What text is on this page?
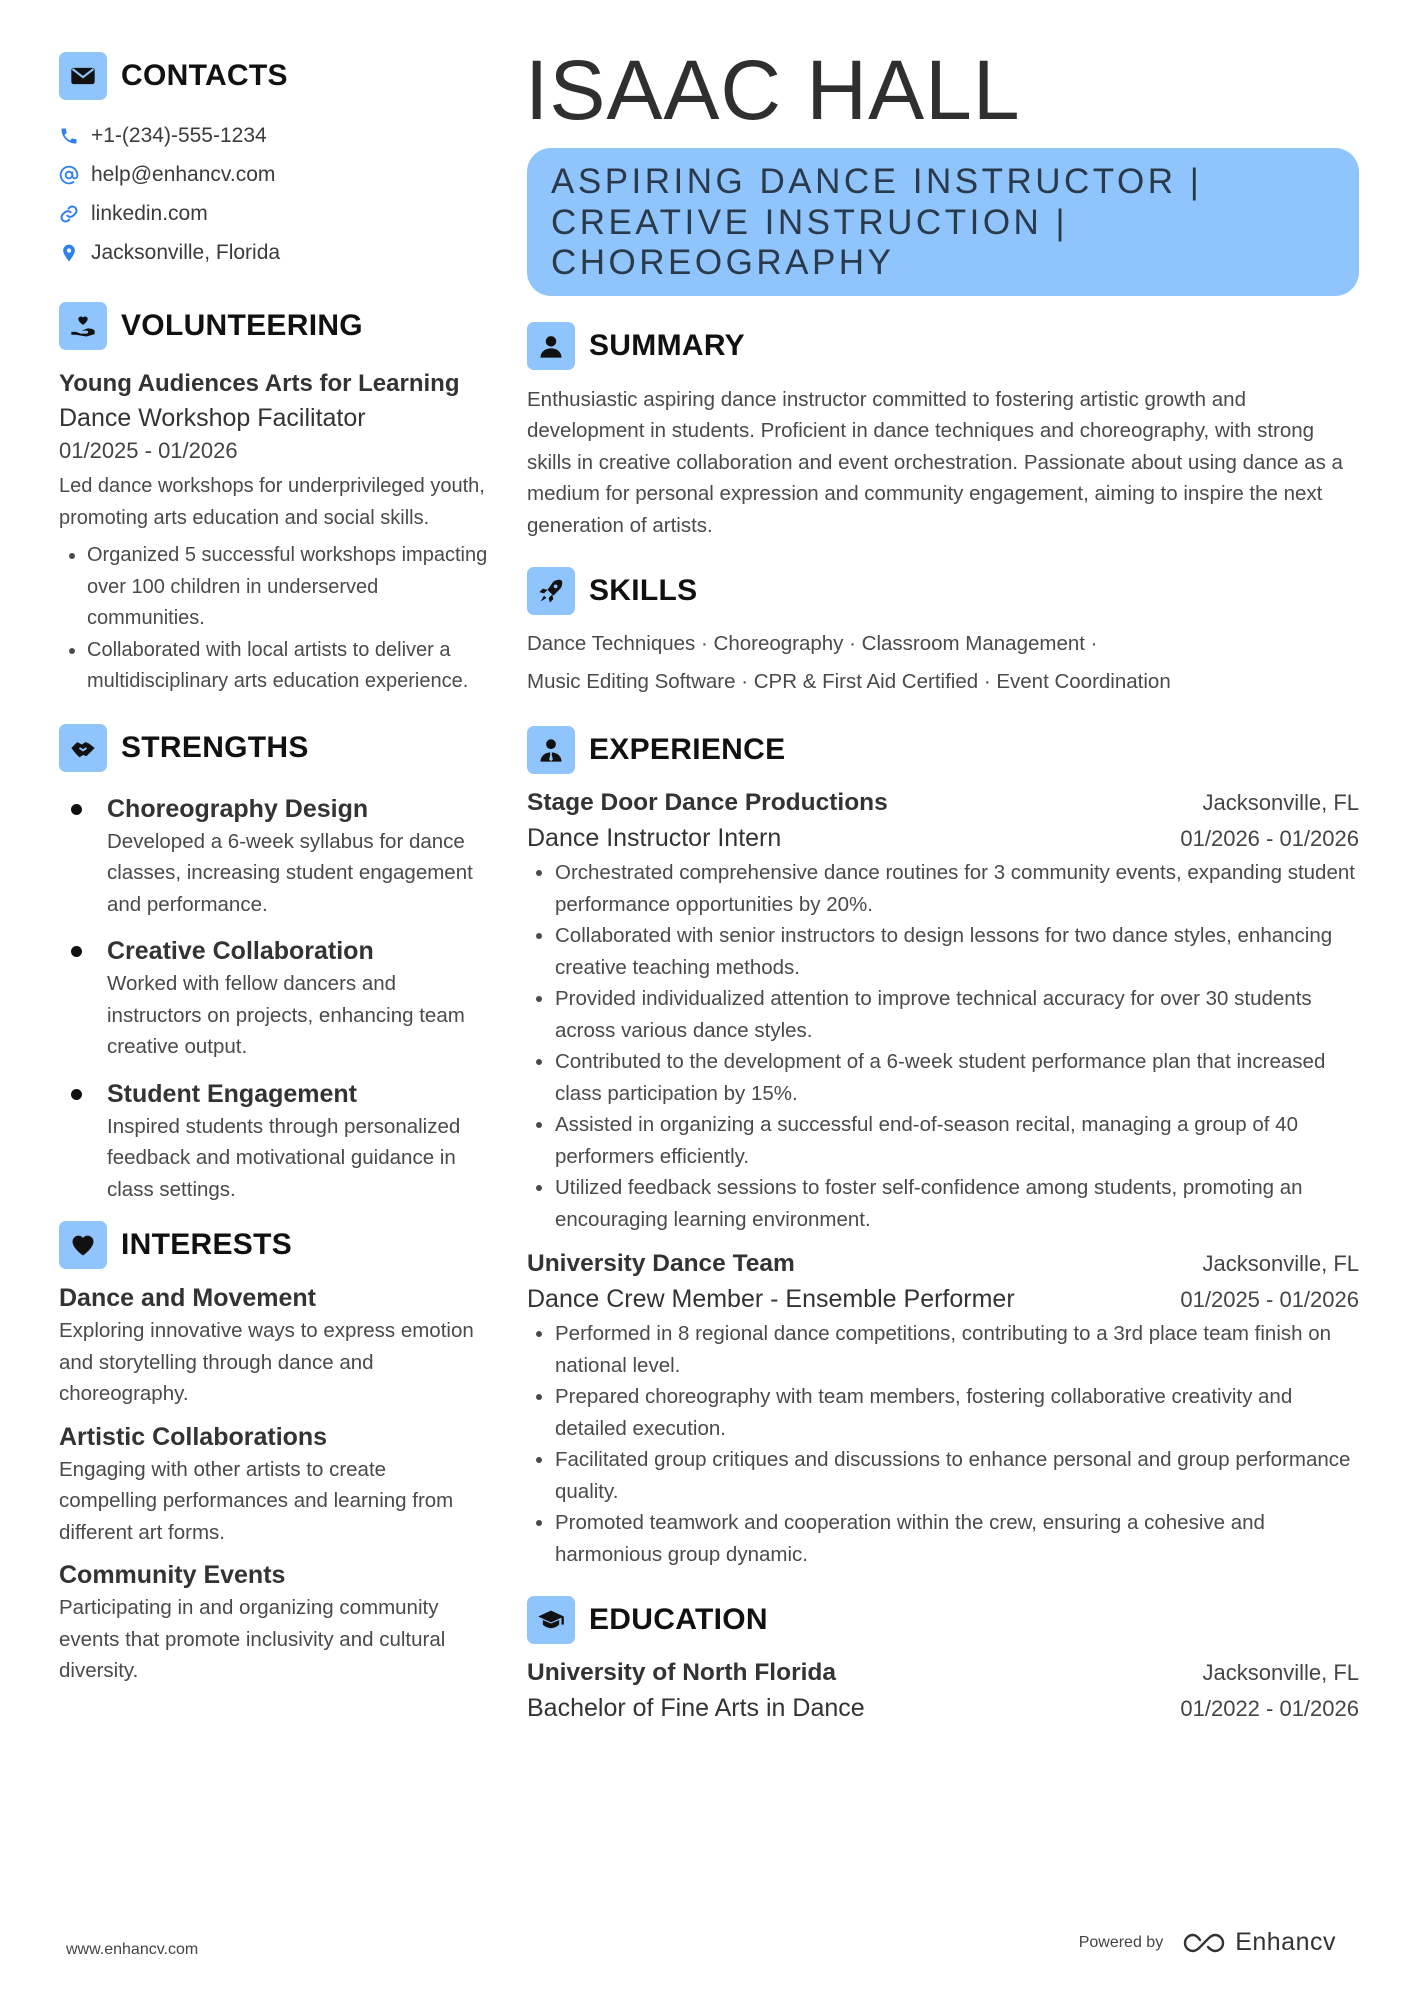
CONTACTS
+1-(234)-555-1234
help@enhancv.com
linkedin.com
Jacksonville, Florida
VOLUNTEERING
Young Audiences Arts for Learning
Dance Workshop Facilitator
01/2025 - 01/2026
Led dance workshops for underprivileged youth, promoting arts education and social skills.
• Organized 5 successful workshops impacting over 100 children in underserved communities.
• Collaborated with local artists to deliver a multidisciplinary arts education experience.
STRENGTHS
Choreography Design
Developed a 6-week syllabus for dance classes, increasing student engagement and performance.
Creative Collaboration
Worked with fellow dancers and instructors on projects, enhancing team creative output.
Student Engagement
Inspired students through personalized feedback and motivational guidance in class settings.
INTERESTS
Dance and Movement
Exploring innovative ways to express emotion and storytelling through dance and choreography.
Artistic Collaborations
Engaging with other artists to create compelling performances and learning from different art forms.
Community Events
Participating in and organizing community events that promote inclusivity and cultural diversity.
ISAAC HALL
ASPIRING DANCE INSTRUCTOR | CREATIVE INSTRUCTION | CHOREOGRAPHY
SUMMARY
Enthusiastic aspiring dance instructor committed to fostering artistic growth and development in students. Proficient in dance techniques and choreography, with strong skills in creative collaboration and event orchestration. Passionate about using dance as a medium for personal expression and community engagement, aiming to inspire the next generation of artists.
SKILLS
Dance Techniques · Choreography · Classroom Management ·
Music Editing Software · CPR & First Aid Certified · Event Coordination
EXPERIENCE
Stage Door Dance Productions	Jacksonville, FL
Dance Instructor Intern	01/2026 - 01/2026
• Orchestrated comprehensive dance routines for 3 community events, expanding student performance opportunities by 20%.
• Collaborated with senior instructors to design lessons for two dance styles, enhancing creative teaching methods.
• Provided individualized attention to improve technical accuracy for over 30 students across various dance styles.
• Contributed to the development of a 6-week student performance plan that increased class participation by 15%.
• Assisted in organizing a successful end-of-season recital, managing a group of 40 performers efficiently.
• Utilized feedback sessions to foster self-confidence among students, promoting an encouraging learning environment.
University Dance Team	Jacksonville, FL
Dance Crew Member - Ensemble Performer	01/2025 - 01/2026
• Performed in 8 regional dance competitions, contributing to a 3rd place team finish on national level.
• Prepared choreography with team members, fostering collaborative creativity and detailed execution.
• Facilitated group critiques and discussions to enhance personal and group performance quality.
• Promoted teamwork and cooperation within the crew, ensuring a cohesive and harmonious group dynamic.
EDUCATION
University of North Florida	Jacksonville, FL
Bachelor of Fine Arts in Dance	01/2022 - 01/2026
www.enhancv.com	Powered by	Enhancv
